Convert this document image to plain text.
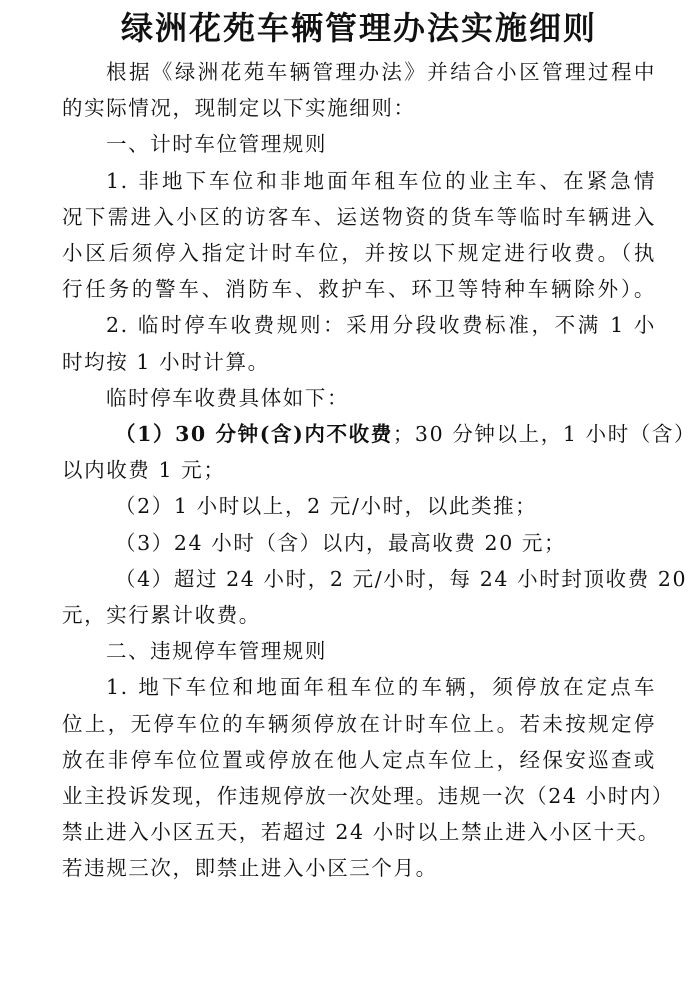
绿洲花苑车辆管理办法实施细则

根据《绿洲花苑车辆管理办法》并结合小区管理过程中

的实际情况，现制定以下实施细则：

一、计时车位管理规则

1. 非地下车位和非地面年租车位的业主车、在紧急情

况下需进入小区的访客车、运送物资的货车等临时车辆进入

小区后须停入指定计时车位，并按以下规定进行收费。（执

行任务的警车、消防车、救护车、环卫等特种车辆除外）。

2. 临时停车收费规则：采用分段收费标准，不满 1 小

时均按 1 小时计算。

临时停车收费具体如下：

（1）30 分钟(含)内不收费；30 分钟以上，1 小时（含）

以内收费 1 元；

（2）1 小时以上，2 元/小时，以此类推；

（3）24 小时（含）以内，最高收费 20 元；

（4）超过 24 小时，2 元/小时，每 24 小时封顶收费 20

元，实行累计收费。

二、违规停车管理规则

1. 地下车位和地面年租车位的车辆，须停放在定点车

位上，无停车位的车辆须停放在计时车位上。若未按规定停

放在非停车位位置或停放在他人定点车位上，经保安巡查或

业主投诉发现，作违规停放一次处理。违规一次（24 小时内）

禁止进入小区五天，若超过 24 小时以上禁止进入小区十天。

若违规三次，即禁止进入小区三个月。
